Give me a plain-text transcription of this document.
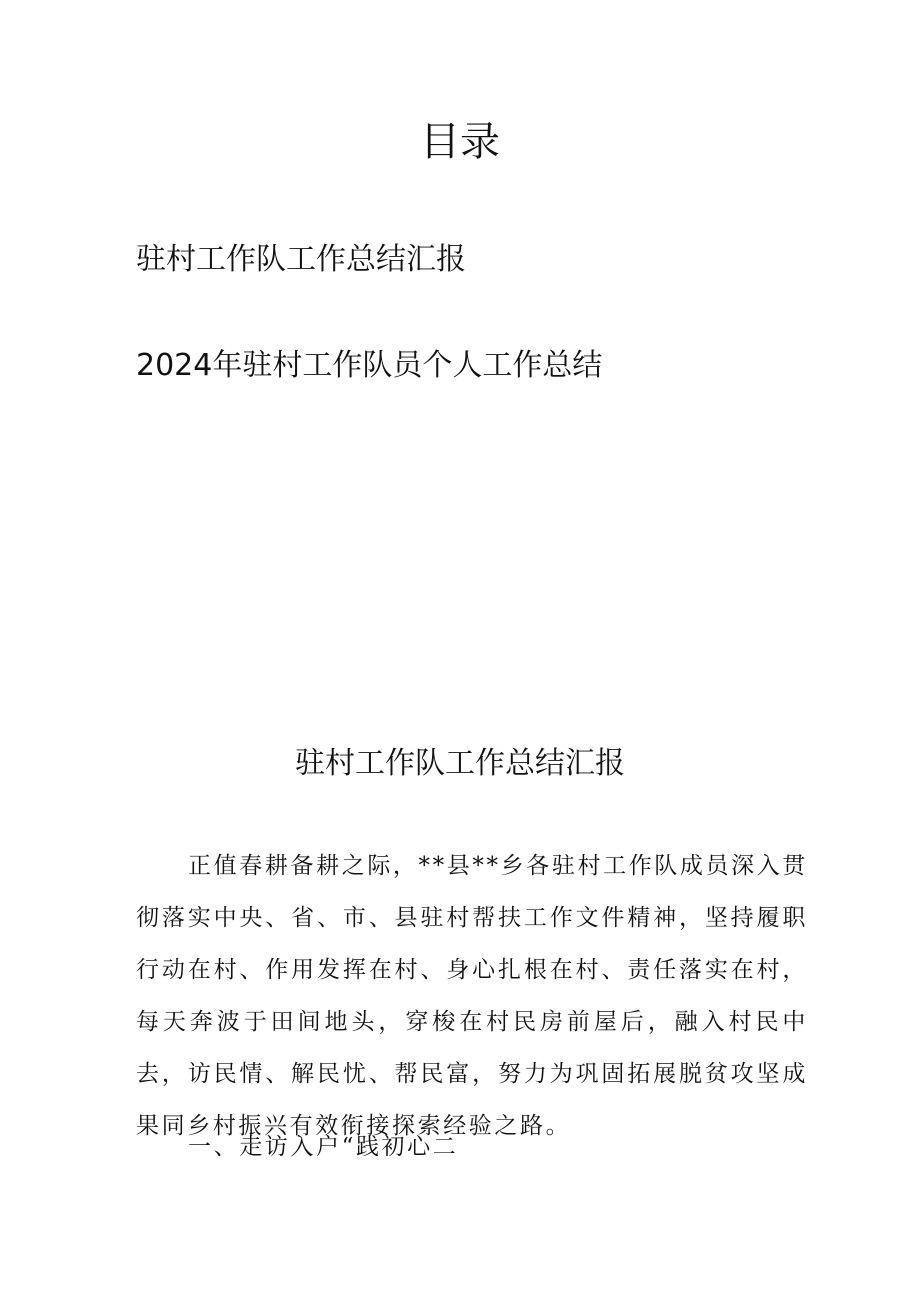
目录

驻村工作队工作总结汇报

2024年驻村工作队员个人工作总结

驻村工作队工作总结汇报

正值春耕备耕之际，**县**乡各驻村工作队成员深入贯彻落实中央、省、市、县驻村帮扶工作文件精神，坚持履职行动在村、作用发挥在村、身心扎根在村、责任落实在村，每天奔波于田间地头，穿梭在村民房前屋后，融入村民中去，访民情、解民忧、帮民富，努力为巩固拓展脱贫攻坚成果同乡村振兴有效衔接探索经验之路。

一、走访入户“践初心二
